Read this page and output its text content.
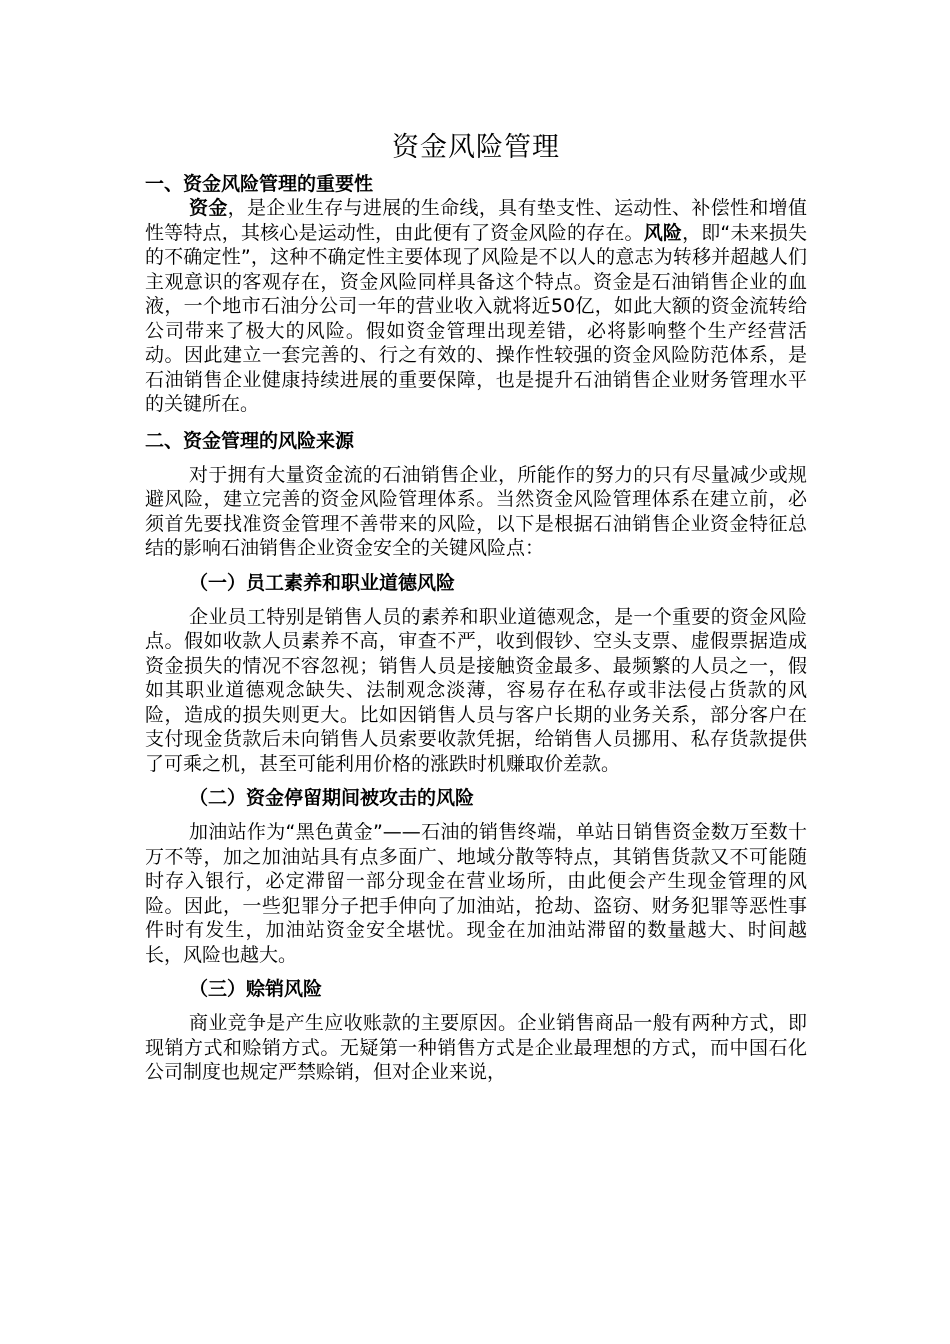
资金风险管理
一、资金风险管理的重要性

资金，是企业生存与进展的生命线，具有垫支性、运动性、补偿性和增值性等特点，其核心是运动性，由此便有了资金风险的存在。风险，即“未来损失的不确定性”，这种不确定性主要体现了风险是不以人的意志为转移并超越人们主观意识的客观存在，资金风险同样具备这个特点。资金是石油销售企业的血液，一个地市石油分公司一年的营业收入就将近50亿，如此大额的资金流转给公司带来了极大的风险。假如资金管理出现差错，必将影响整个生产经营活动。因此建立一套完善的、行之有效的、操作性较强的资金风险防范体系，是石油销售企业健康持续进展的重要保障，也是提升石油销售企业财务管理水平的关键所在。

二、资金管理的风险来源

对于拥有大量资金流的石油销售企业，所能作的努力的只有尽量减少或规避风险，建立完善的资金风险管理体系。当然资金风险管理体系在建立前，必须首先要找准资金管理不善带来的风险，以下是根据石油销售企业资金特征总结的影响石油销售企业资金安全的关键风险点：

（一）员工素养和职业道德风险

企业员工特别是销售人员的素养和职业道德观念，是一个重要的资金风险点。假如收款人员素养不高，审查不严，收到假钞、空头支票、虚假票据造成资金损失的情况不容忽视；销售人员是接触资金最多、最频繁的人员之一，假如其职业道德观念缺失、法制观念淡薄，容易存在私存或非法侵占货款的风险，造成的损失则更大。比如因销售人员与客户长期的业务关系，部分客户在支付现金货款后未向销售人员索要收款凭据，给销售人员挪用、私存货款提供了可乘之机，甚至可能利用价格的涨跌时机赚取价差款。

（二）资金停留期间被攻击的风险

加油站作为“黑色黄金”——石油的销售终端，单站日销售资金数万至数十万不等，加之加油站具有点多面广、地域分散等特点，其销售货款又不可能随时存入银行，必定滞留一部分现金在营业场所，由此便会产生现金管理的风险。因此，一些犯罪分子把手伸向了加油站，抢劫、盗窃、财务犯罪等恶性事件时有发生，加油站资金安全堪忧。现金在加油站滞留的数量越大、时间越长，风险也越大。

（三）赊销风险

商业竞争是产生应收账款的主要原因。企业销售商品一般有两种方式，即现销方式和赊销方式。无疑第一种销售方式是企业最理想的方式，而中国石化公司制度也规定严禁赊销，但对企业来说，
